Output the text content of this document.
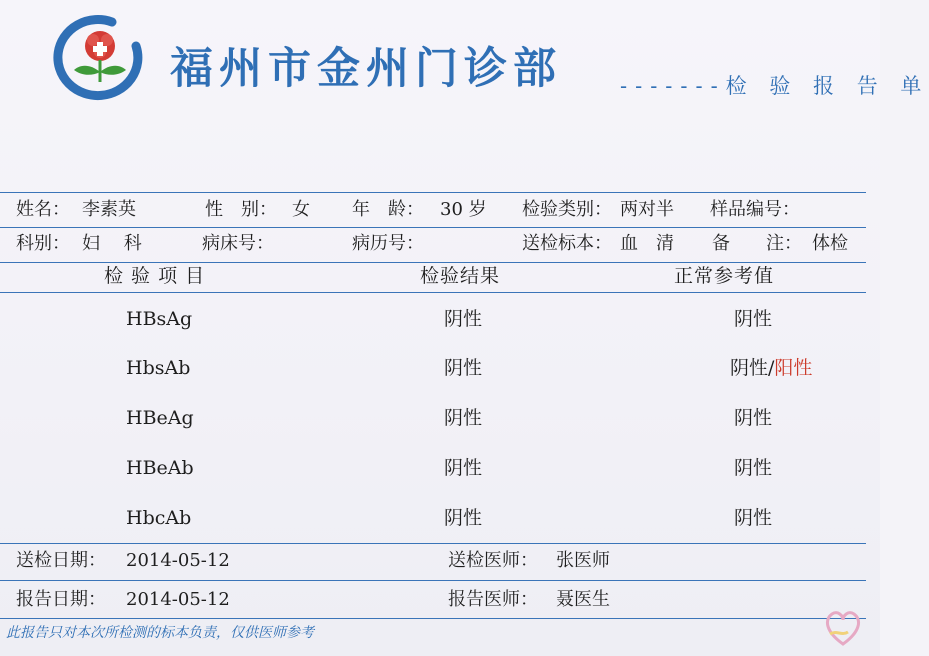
福州市金州门诊部	-------检 验 报 告 单
姓名： 李素英	性　别： 女 年　龄： 30 岁 检验类别： 两对半 样品编号：
科别： 妇　 科	病床号：	病历号：	送检标本： 血　清 备　　注： 体检
检 验 项 目	检验结果	正常参考值
HBsAg	阴性	阴性
HbsAb	阴性	阴性/阳性
HBeAg	阴性	阴性
HBeAb	阴性	阴性
HbcAb	阴性	阴性
送检日期： 2014-05-12	送检医师： 张医师
报告日期： 2014-05-12	报告医师： 聂医生
此报告只对本次所检测的标本负责，仅供医师参考
